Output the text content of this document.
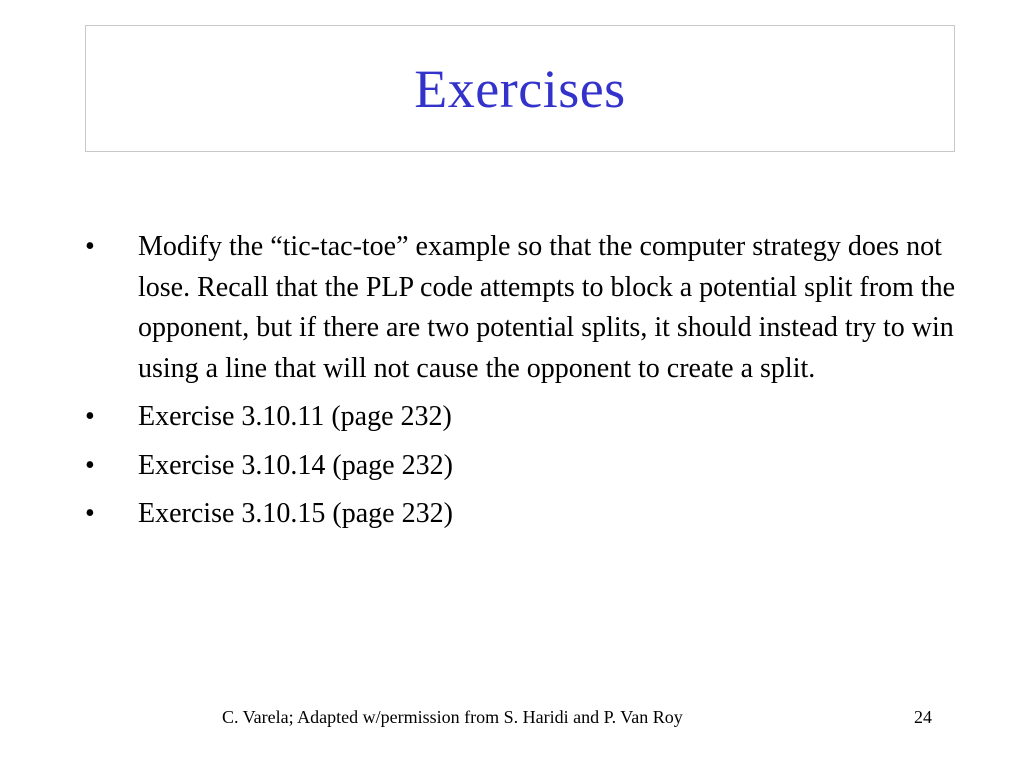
Exercises
•	Modify the “tic-tac-toe” example so that the computer strategy does not lose. Recall that the PLP code attempts to block a potential split from the opponent, but if there are two potential splits, it should instead try to win using a line that will not cause the opponent to create a split.
•	Exercise 3.10.11 (page 232)
•	Exercise 3.10.14 (page 232)
•	Exercise 3.10.15 (page 232)
C. Varela; Adapted w/permission from S. Haridi and P. Van Roy	24
